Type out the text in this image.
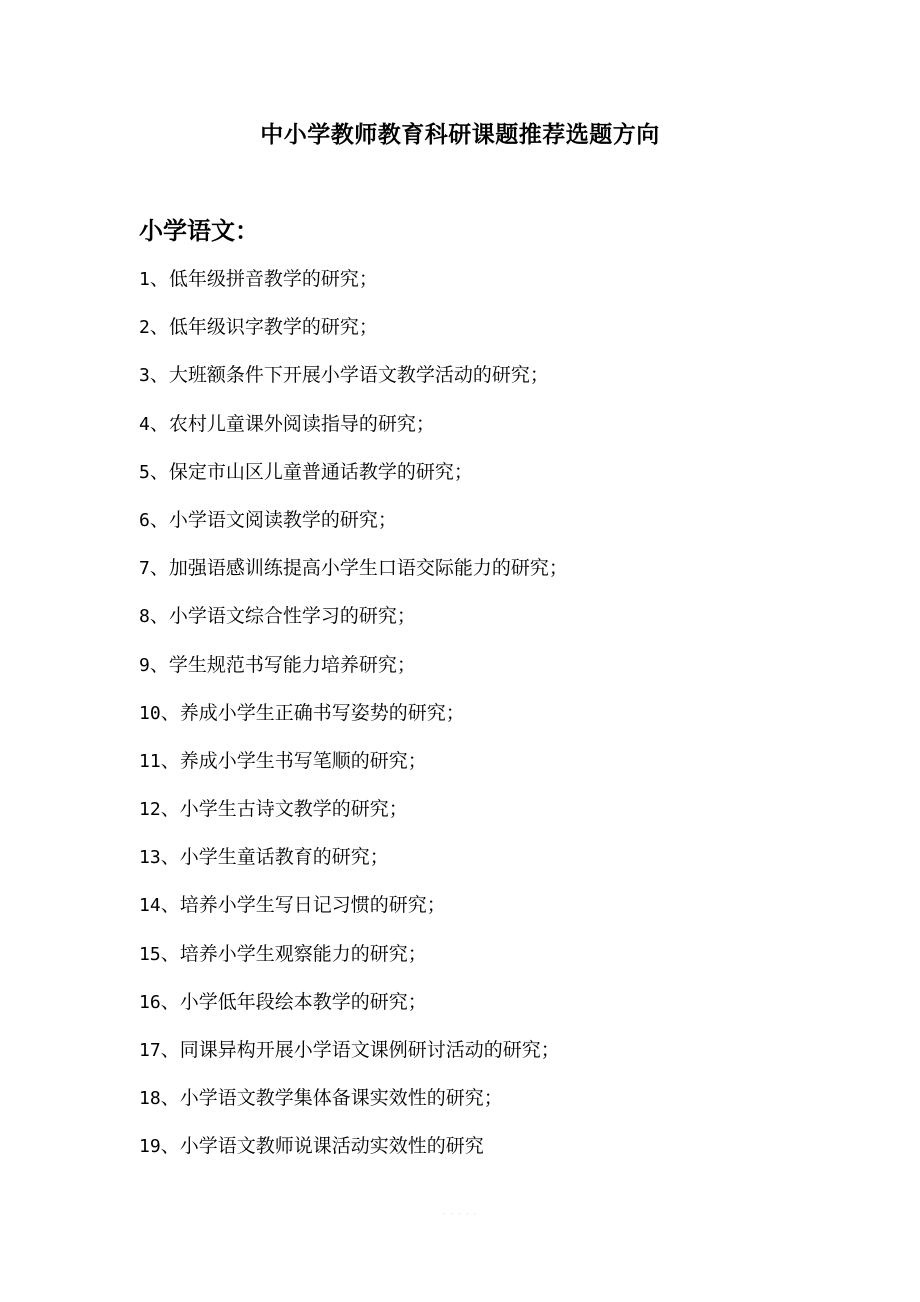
中小学教师教育科研课题推荐选题方向
小学语文：
1、低年级拼音教学的研究；
2、低年级识字教学的研究；
3、大班额条件下开展小学语文教学活动的研究；
4、农村儿童课外阅读指导的研究；
5、保定市山区儿童普通话教学的研究；
6、小学语文阅读教学的研究；
7、加强语感训练提高小学生口语交际能力的研究；
8、小学语文综合性学习的研究；
9、学生规范书写能力培养研究；
10、养成小学生正确书写姿势的研究；
11、养成小学生书写笔顺的研究；
12、小学生古诗文教学的研究；
13、小学生童话教育的研究；
14、培养小学生写日记习惯的研究；
15、培养小学生观察能力的研究；
16、小学低年段绘本教学的研究；
17、同课异构开展小学语文课例研讨活动的研究；
18、小学语文教学集体备课实效性的研究；
19、小学语文教师说课活动实效性的研究
· · · · ·
